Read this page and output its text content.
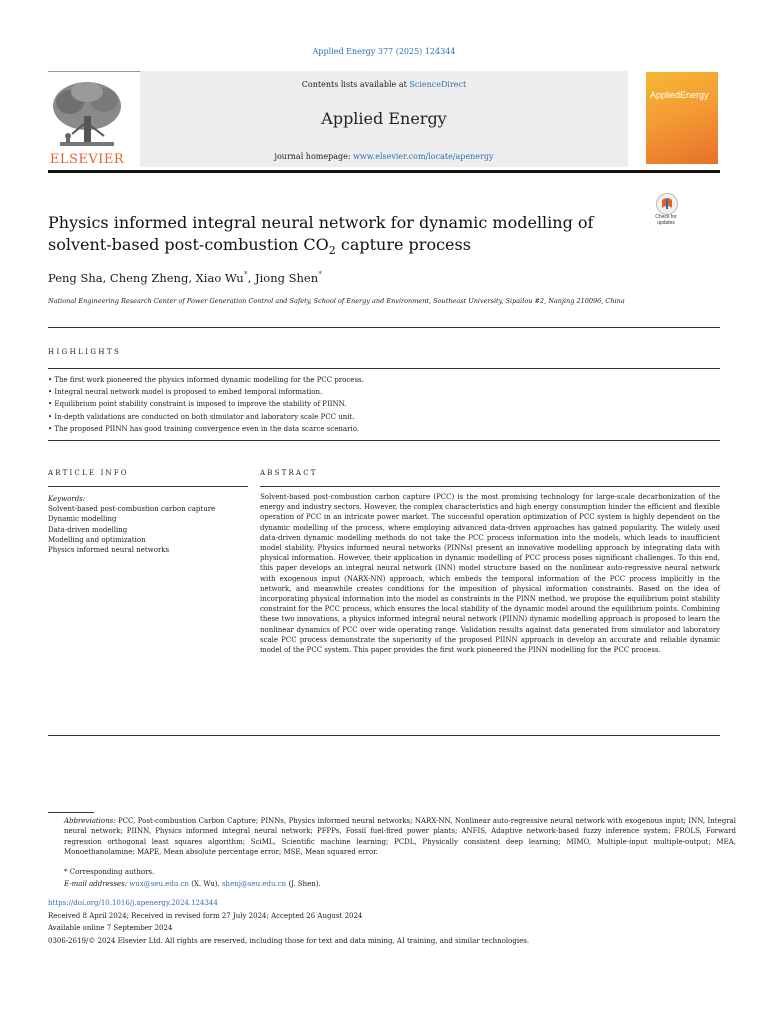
Applied Energy 377 (2025) 124344
Contents lists available at ScienceDirect
Applied Energy
journal homepage: www.elsevier.com/locate/apenergy
ELSEVIER
AppliedEnergy
Check for updates
Physics informed integral neural network for dynamic modelling of
solvent-based post-combustion $CO_2$ capture process
Peng Sha, Cheng Zheng, Xiao Wu*, Jiong Shen*
National Engineering Research Center of Power Generation Control and Safety, School of Energy and Environment, Southeast University, Sipailou #2, Nanjing 210096, China
HIGHLIGHTS
• The first work pioneered the physics informed dynamic modelling for the PCC process.
• Integral neural network model is proposed to embed temporal information.
• Equilibrium point stability constraint is imposed to improve the stability of PIINN.
• In-depth validations are conducted on both simulator and laboratory scale PCC unit.
• The proposed PIINN has good training convergence even in the data scarce scenario.
ARTICLE INFO
Keywords:
Solvent-based post-combustion carbon capture
Dynamic modelling
Data-driven modelling
Modelling and optimization
Physics informed neural networks
ABSTRACT
Solvent-based post-combustion carbon capture (PCC) is the most promising technology for large-scale decarbonization of the energy and industry sectors. However, the complex characteristics and high energy consumption hinder the efficient and flexible operation of PCC in an intricate power market. The successful operation optimization of PCC system is highly dependent on the dynamic modelling of the process, where employing advanced data-driven approaches has gained popularity. The widely used data-driven dynamic modelling methods do not take the PCC process information into the models, which leads to insufficient model stability. Physics informed neural networks (PINNs) present an innovative modelling approach by integrating data with physical information. However, their application in dynamic modelling of PCC process poses significant challenges. To this end, this paper develops an integral neural network (INN) model structure based on the nonlinear auto-regressive neural network with exogenous input (NARX-NN) approach, which embeds the temporal information of the PCC process implicitly in the network, and meanwhile creates conditions for the imposition of physical information constraints. Based on the idea of incorporating physical information into the model as constraints in the PINN method, we propose the equilibrium point stability constraint for the PCC process, which ensures the local stability of the dynamic model around the equilibrium points. Combining these two innovations, a physics informed integral neural network (PIINN) dynamic modelling approach is proposed to learn the nonlinear dynamics of PCC over wide operating range. Validation results against data generated from simulator and laboratory scale PCC process demonstrate the superiority of the proposed PIINN approach in develop an accurate and reliable dynamic model of the PCC system. This paper provides the first work pioneered the PINN modelling for the PCC process.
Abbreviations: PCC, Post-combustion Carbon Capture; PINNs, Physics informed neural networks; NARX-NN, Nonlinear auto-regressive neural network with exogenous input; INN, Integral neural network; PIINN, Physics informed integral neural network; PFPPs, Fossil fuel-fired power plants; ANFIS, Adaptive network-based fuzzy inference system; FROLS, Forward regression orthogonal least squares algorithm; SciML, Scientific machine learning; PCDL, Physically consistent deep learning; MIMO, Multiple-input multiple-output; MEA, Monoethanolamine; MAPE, Mean absolute percentage error; MSE, Mean squared error.
* Corresponding authors.
E-mail addresses: wux@seu.edu.cn (X. Wu), shenj@seu.edu.cn (J. Shen).
https://doi.org/10.1016/j.apenergy.2024.124344
Received 8 April 2024; Received in revised form 27 July 2024; Accepted 26 August 2024
Available online 7 September 2024
0306-2619/© 2024 Elsevier Ltd. All rights are reserved, including those for text and data mining, AI training, and similar technologies.
